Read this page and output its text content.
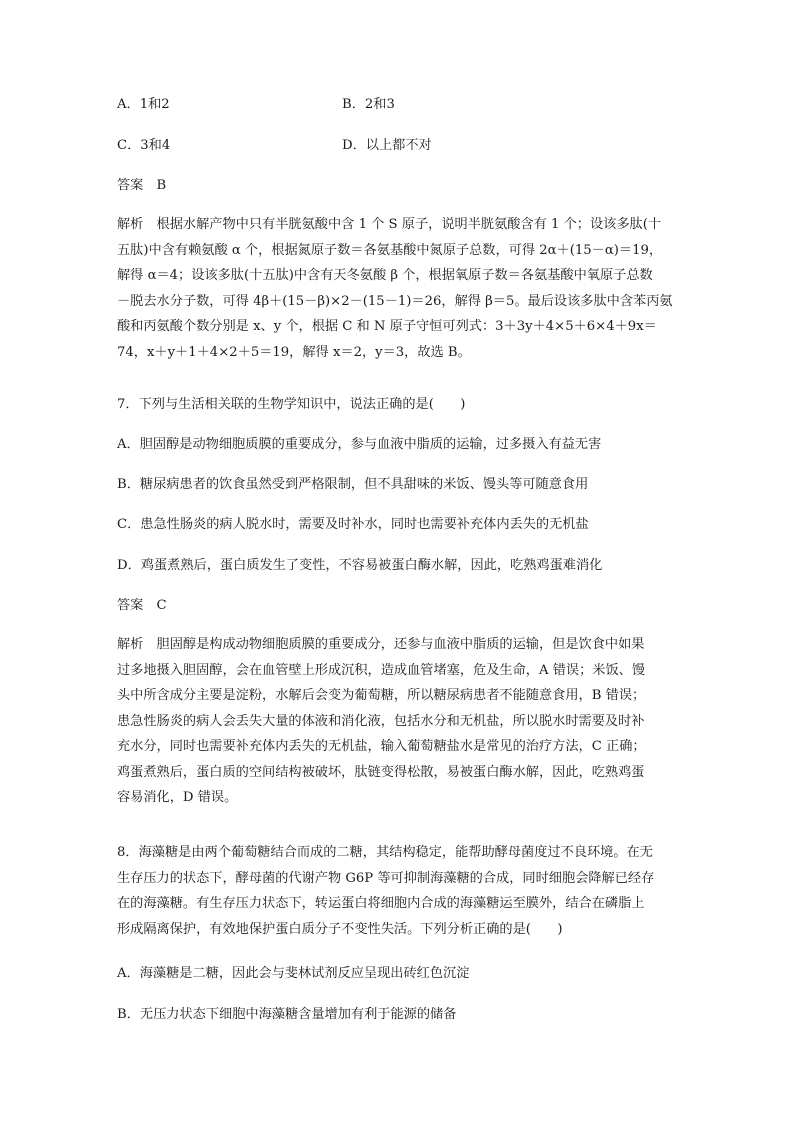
A．1和2	B．2和3
C．3和4	D．以上都不对
答案　B
解析　根据水解产物中只有半胱氨酸中含 1 个 S 原子，说明半胱氨酸含有 1 个；设该多肽(十
五肽)中含有赖氨酸 α 个，根据氮原子数＝各氨基酸中氮原子总数，可得 2α＋(15－α)＝19，
解得 α＝4；设该多肽(十五肽)中含有天冬氨酸 β 个，根据氧原子数＝各氨基酸中氧原子总数
－脱去水分子数，可得 4β＋(15－β)×2－(15－1)＝26，解得 β＝5。最后设该多肽中含苯丙氨
酸和丙氨酸个数分别是 x、y 个，根据 C 和 N 原子守恒可列式：3＋3y＋4×5＋6×4＋9x＝
74，x＋y＋1＋4×2＋5＝19，解得 x＝2，y＝3，故选 B。
7．下列与生活相关联的生物学知识中，说法正确的是(　　)
A．胆固醇是动物细胞质膜的重要成分，参与血液中脂质的运输，过多摄入有益无害
B．糖尿病患者的饮食虽然受到严格限制，但不具甜味的米饭、馒头等可随意食用
C．患急性肠炎的病人脱水时，需要及时补水，同时也需要补充体内丢失的无机盐
D．鸡蛋煮熟后，蛋白质发生了变性，不容易被蛋白酶水解，因此，吃熟鸡蛋难消化
答案　C
解析　胆固醇是构成动物细胞质膜的重要成分，还参与血液中脂质的运输，但是饮食中如果
过多地摄入胆固醇，会在血管壁上形成沉积，造成血管堵塞，危及生命，A 错误；米饭、馒
头中所含成分主要是淀粉，水解后会变为葡萄糖，所以糖尿病患者不能随意食用，B 错误；
患急性肠炎的病人会丢失大量的体液和消化液，包括水分和无机盐，所以脱水时需要及时补
充水分，同时也需要补充体内丢失的无机盐，输入葡萄糖盐水是常见的治疗方法，C 正确；
鸡蛋煮熟后，蛋白质的空间结构被破坏，肽链变得松散，易被蛋白酶水解，因此，吃熟鸡蛋
容易消化，D 错误。
8．海藻糖是由两个葡萄糖结合而成的二糖，其结构稳定，能帮助酵母菌度过不良环境。在无
生存压力的状态下，酵母菌的代谢产物 G6P 等可抑制海藻糖的合成，同时细胞会降解已经存
在的海藻糖。有生存压力状态下，转运蛋白将细胞内合成的海藻糖运至膜外，结合在磷脂上
形成隔离保护，有效地保护蛋白质分子不变性失活。下列分析正确的是(　　)
A．海藻糖是二糖，因此会与斐林试剂反应呈现出砖红色沉淀
B．无压力状态下细胞中海藻糖含量增加有利于能源的储备
